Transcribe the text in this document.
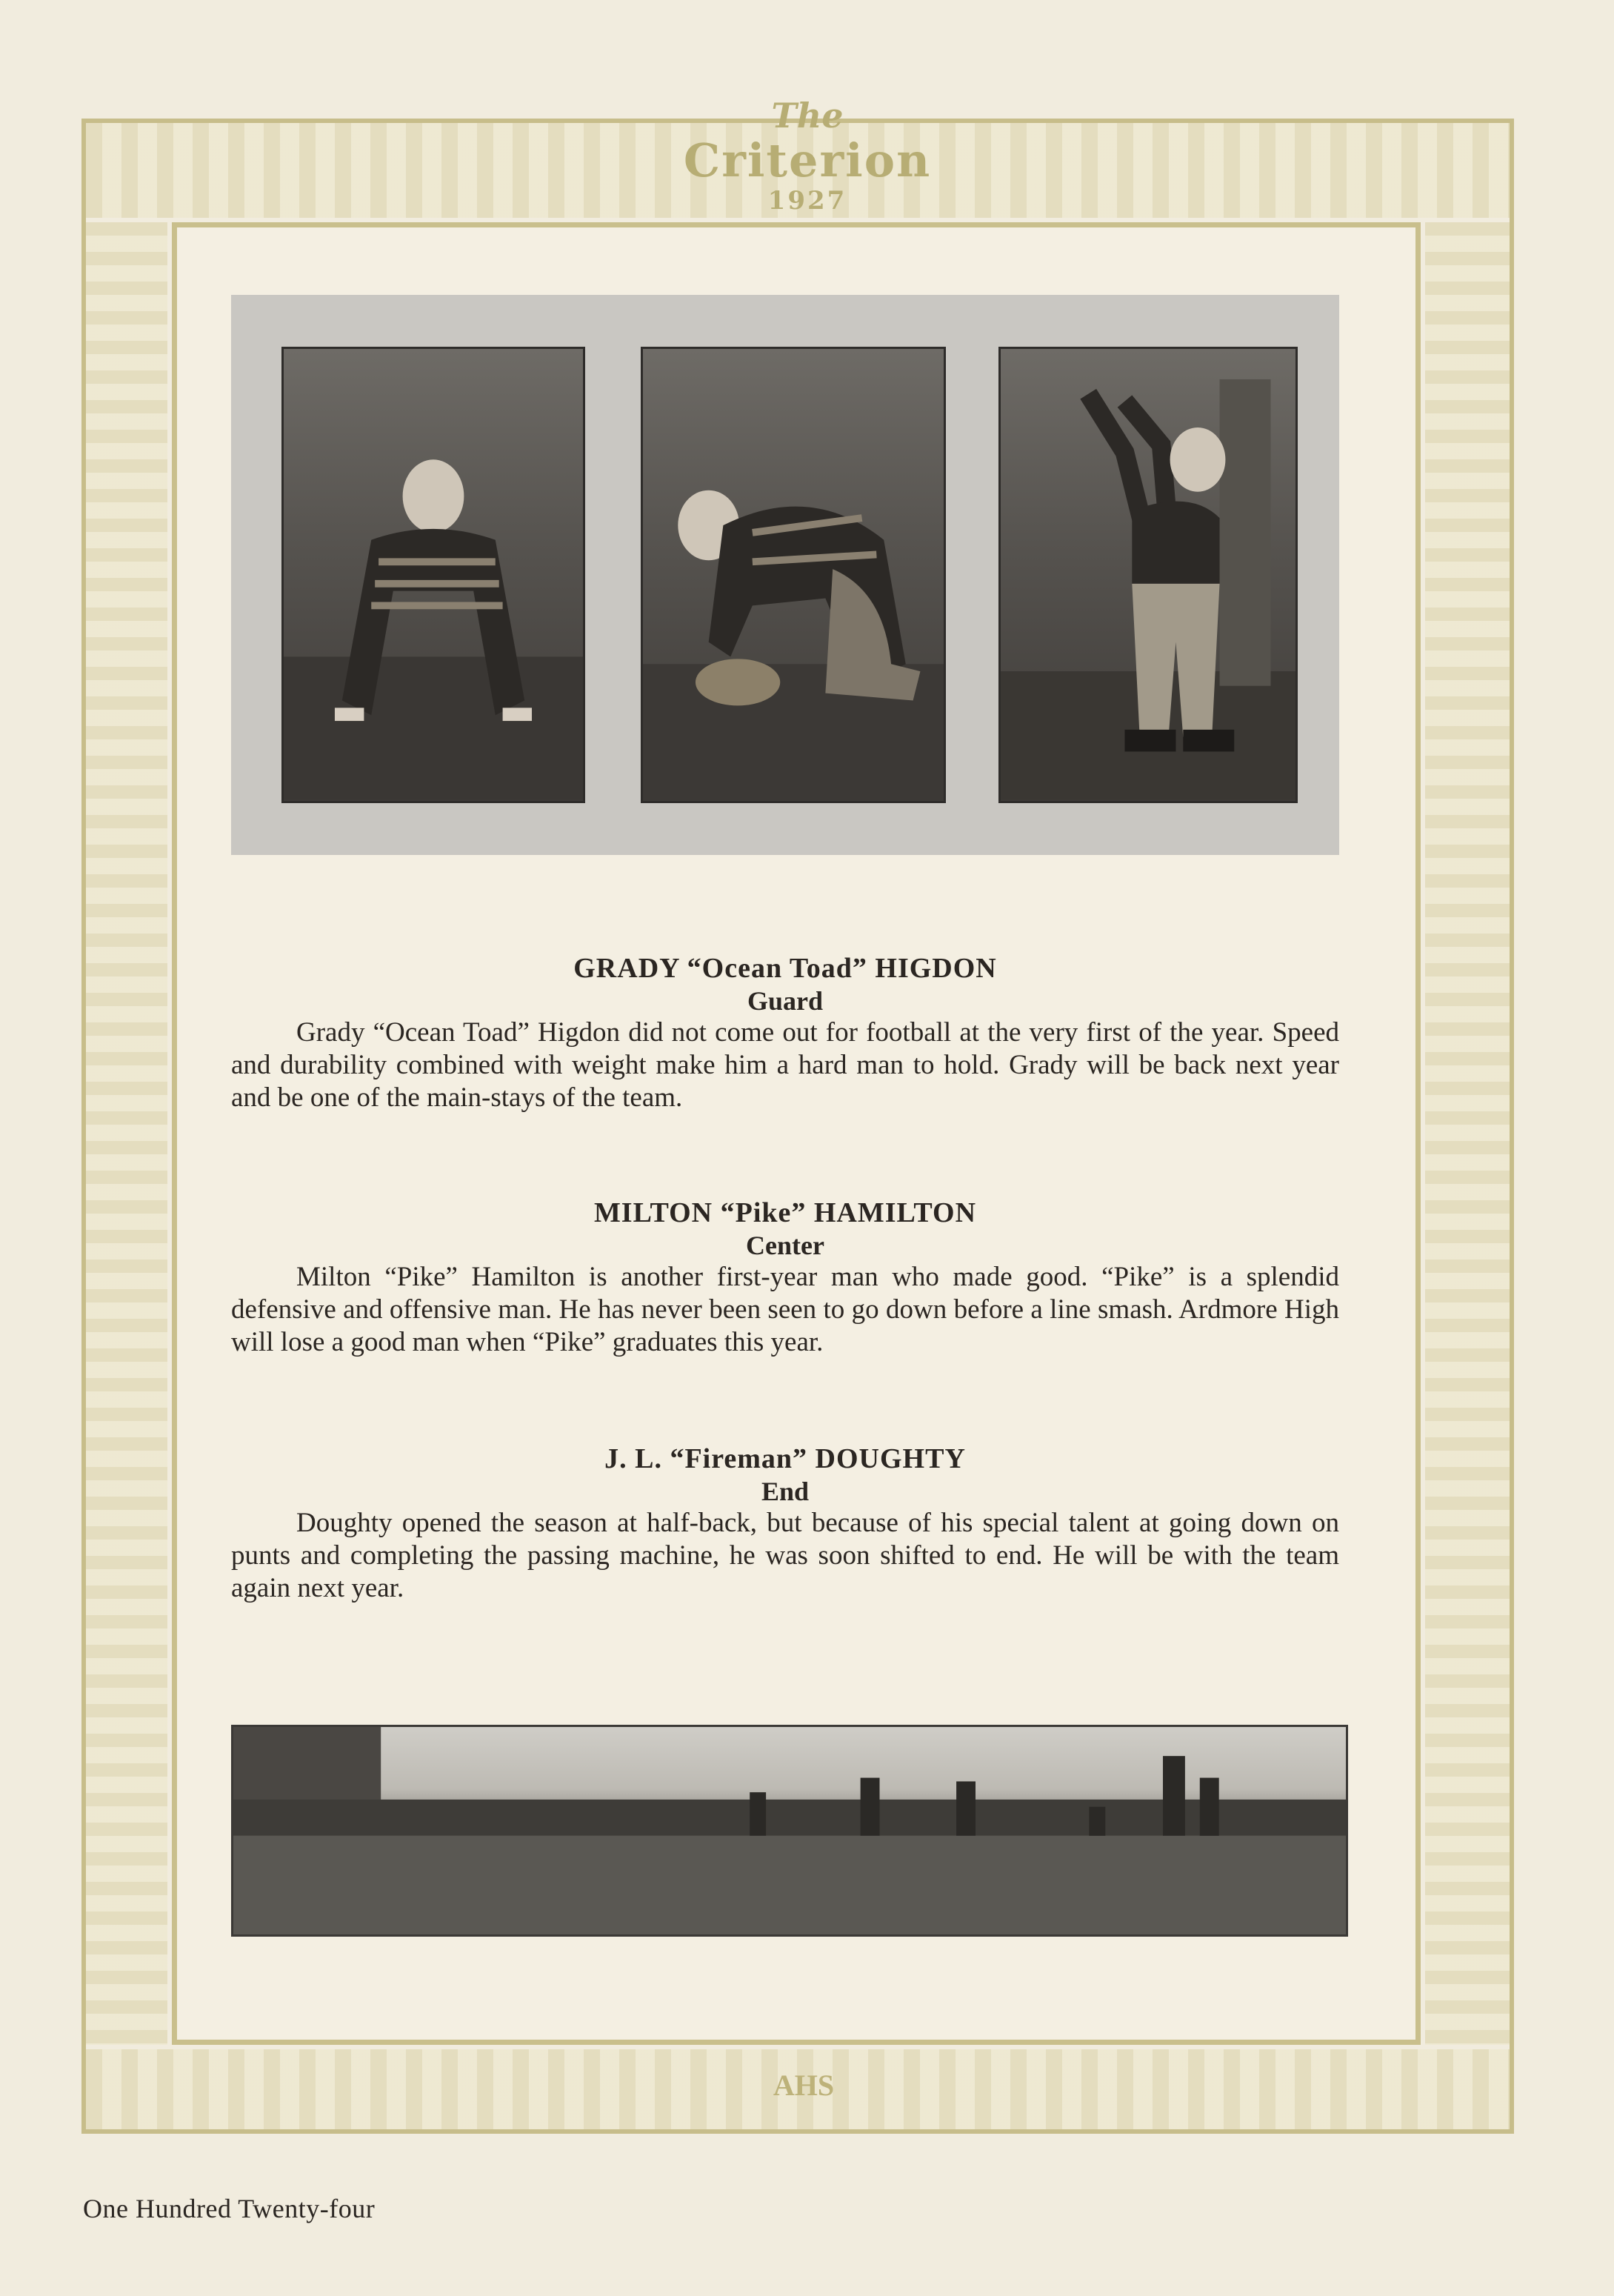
The
Criterion
1927
GRADY “Ocean Toad” HIGDON
Guard

Grady “Ocean Toad” Higdon did not come out for football at the very first of the year. Speed and durability combined with weight make him a hard man to hold. Grady will be back next year and be one of the main-stays of the team.

MILTON “Pike” HAMILTON
Center

Milton “Pike” Hamilton is another first-year man who made good. “Pike” is a splendid defensive and offensive man. He has never been seen to go down before a line smash. Ardmore High will lose a good man when “Pike” graduates this year.

J. L. “Fireman” DOUGHTY
End

Doughty opened the season at half-back, but because of his special talent at going down on punts and completing the passing machine, he was soon shifted to end. He will be with the team again next year.

AHS
One Hundred Twenty-four
